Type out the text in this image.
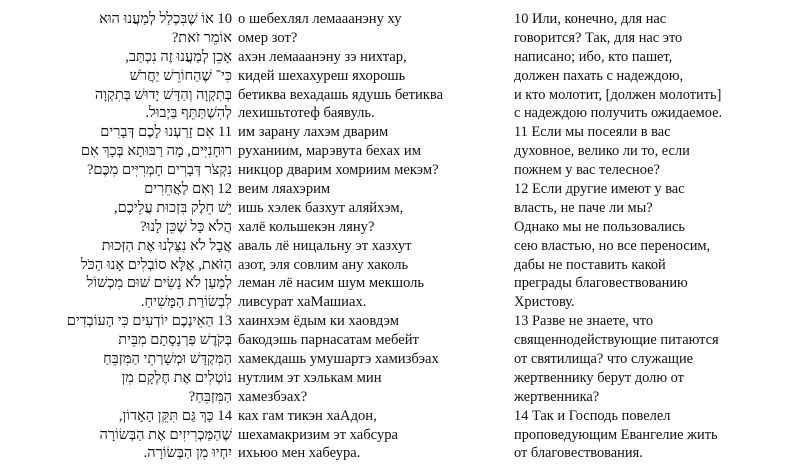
10 אוֹ שֶׁבִּכְלַל לְמַעֲנוּ הוּא
אוֹמֵר זֹאת?
אָכֵן לְמַעֲנוּ זֶה נִכְתַּב,
כִּי־ שֶׁהַחוֹרֵשׁ יַחֲרֹשׁ
בְּתִקְוָה וְהַדָּשׁ יָדוּשׁ בְּתִקְוָה
לְהִשְׁתַּתֵּף בַּיְבוּל.
11 אִם זָרַעְנוּ לָכֶם דְּבָרִים
רוּחָנִיִּים, מָה רַבּוּתָא בְּכָךְ אִם
נִקְצֹר דְּבָרִים חָמְרִיִּים מִכֶּם?
12 וְאִם לַאֲחֵרִים
יֵשׁ חֵלֶק בִּזְכוּת עֲלֵיכֶם,
הֲלֹא כָּל שֶׁכֵּן לָנוּ?
אֲבָל לֹא נִצַּלְנוּ אֶת הַזְּכוּת
הַזֹּאת, אֶלָּא סוֹבְלִים אָנוּ הַכֹּל
לְמַעַן לֹא נָשִׂים שׁוּם מִכְשׁוֹל
לִבְשׂוֹרַת הַמָּשִׁיחַ.
13 הַאֵינְכֶם יוֹדְעִים כִּי הָעוֹבְדִים
בְּקֹדֶשׁ פַּרְנָסָתָם מִבֵּית
הַמִּקְדָּשׁ וּמְשָׁרְתֵי הַמִּזְבֵּחַ
נוֹטְלִים אֶת חֶלְקָם מִן
הַמִּזְבֵּחַ?
14 כָּךְ גַּם תִּקֵּן הָאָדוֹן,
שֶׁהַמַּכְרִיזִים אֶת הַבְּשׂוֹרָה
יִחְיוּ מִן הַבְּשׂוֹרָה.
о шебехлял лемааанэну ху
омер зот?
ахэн лемааанэну зэ нихтар,
кидей шехахуреш яхорошь
бетиква вехадашь ядушь бетиква
лехишьтотеф баявуль.
им заранy лахэм дварим
руханиим, марэвута бехах им
никцор дварим хомриим мекэм?
веим ляахэрим
ишь хэлек базхут аляйхэм,
халё кольшекэн ляну?
аваль лё ницальну эт хазхут
азот, эля совлим ану хаколь
леман лё насим шум мекшоль
ливсурат хаМашиах.
хаинхэм ёдым ки хаовдэм
бакодэшь парнасатам мебейт
хамекдашь умушартэ хамизбэах
нутлим эт хэлькам мин
хамезбэах?
ках гам тикэн хаАдон,
шехамакризим эт хабсура
ихьюо мен хабеура.
10 Или, конечно, для нас
говорится? Так, для нас это
написано; ибо, кто пашет,
должен пахать с надеждою,
и кто молотит, [должен молотить]
с надеждою получить ожидаемое.
11 Если мы посеяли в вас
духовное, велико ли то, если
пожнем у вас телесное?
12 Если другие имеют у вас
власть, не паче ли мы?
Однако мы не пользовались
сею властью, но все переносим,
дабы не поставить какой
преграды благовествованию
Христову.
13 Разве не знаете, что
священнодействующие питаются
от святилища? что служащие
жертвеннику берут долю от
жертвенника?
14 Так и Господь повелел
проповедующим Евангелие жить
от благовествования.
